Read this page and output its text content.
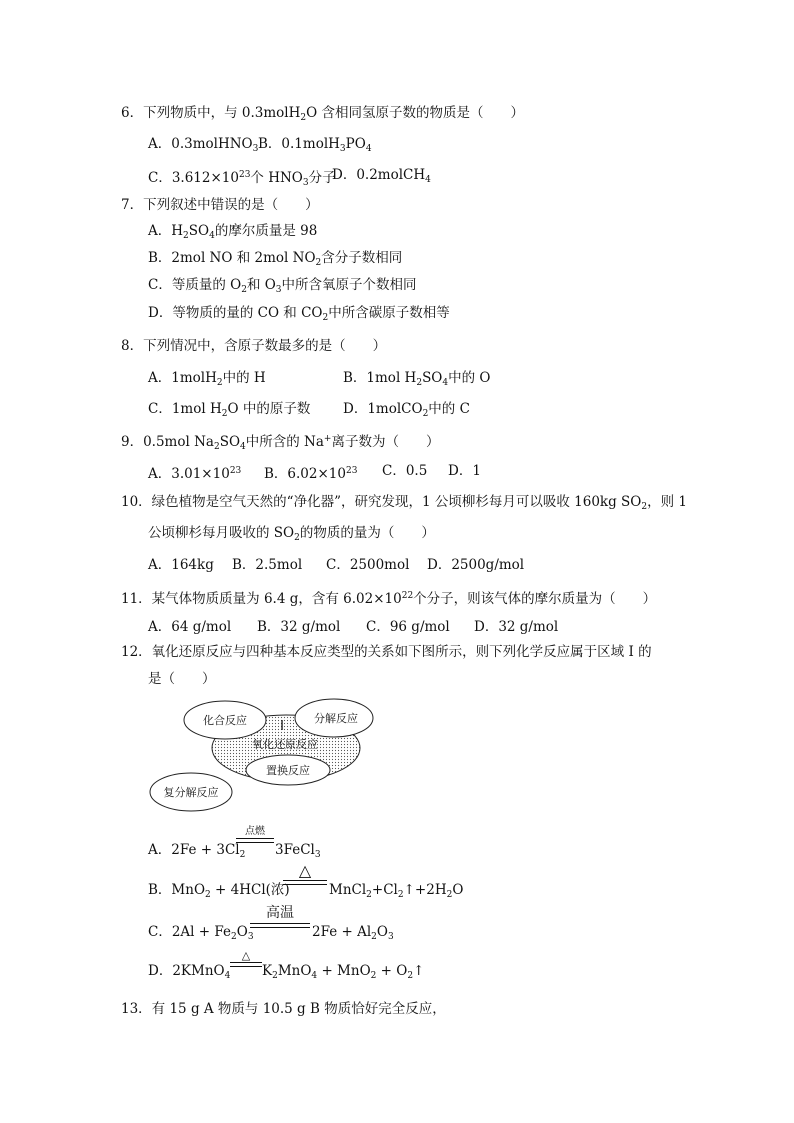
6．下列物质中，与 0.3molH$_2$O 含相同氢原子数的物质是（　　）
A．0.3molHNO$_3$ B．$0.1molH_3PO_4$
C．$3.612\times 10^{23}$个 $HNO_3$分子
D．0.2molCH$_4$
7．下列叙述中错误的是（　　）
A．$H_2SO_4$的摩尔质量是 98
B．2mol NO 和 2mol $NO_2$含分子数相同
C．等质量的 $O_2$和 $O_3$中所含氧原子个数相同
D．等物质的量的 CO 和 $CO_2$中所含碳原子数相等
8．下列情况中，含原子数最多的是（　　）
A．1molH$_2$中的 H	B．1mol $H_2SO_4$中的 O
C．1mol $H_2O$ 中的原子数 D．1molCO$_2$中的 C
9．0.5mol $Na_2SO_4$中所含的 Na+离子数为（　　）
A．$3.01\times 10^{23}$ B．$6.02\times 10^{23}$ C．0.5 D．1
10．绿色植物是空气天然的“净化器”，研究发现，1 公顷柳杉每月可以吸收 160kg $SO_2$，则 1
公顷柳杉每月吸收的 $SO_2$的物质的量为（　　）
A．164kg B．2.5mol C．2500mol D．2500g/mol
11．某气体物质质量为 6.4 g，含有 $6.02\times 10^{22}$个分子，则该气体的摩尔质量为（　　）
A．64 g/mol B．32 g/mol C．96 g/mol D．32 g/mol
12．氧化还原反应与四种基本反应类型的关系如下图所示，则下列化学反应属于区域 I 的
是（　　）
化合反应	分解反应
I
氧化还原反应
置换反应
复分解反应
A．$2Fe + 3Cl_2$
点燃
3FeCl$_3$
B．MnO$_2$ + 4HCl(浓)
△
$MnCl_2+Cl_2↑+2H_2O$
C．$2Al + Fe_2O_3$
高温
$2Fe + Al_2O_3$
D．2KMnO$_4$
△
$K_2MnO_4 + MnO_2$ + $O_2↑$
13．有 15 g A 物质与 10.5 g B 物质恰好完全反应，
